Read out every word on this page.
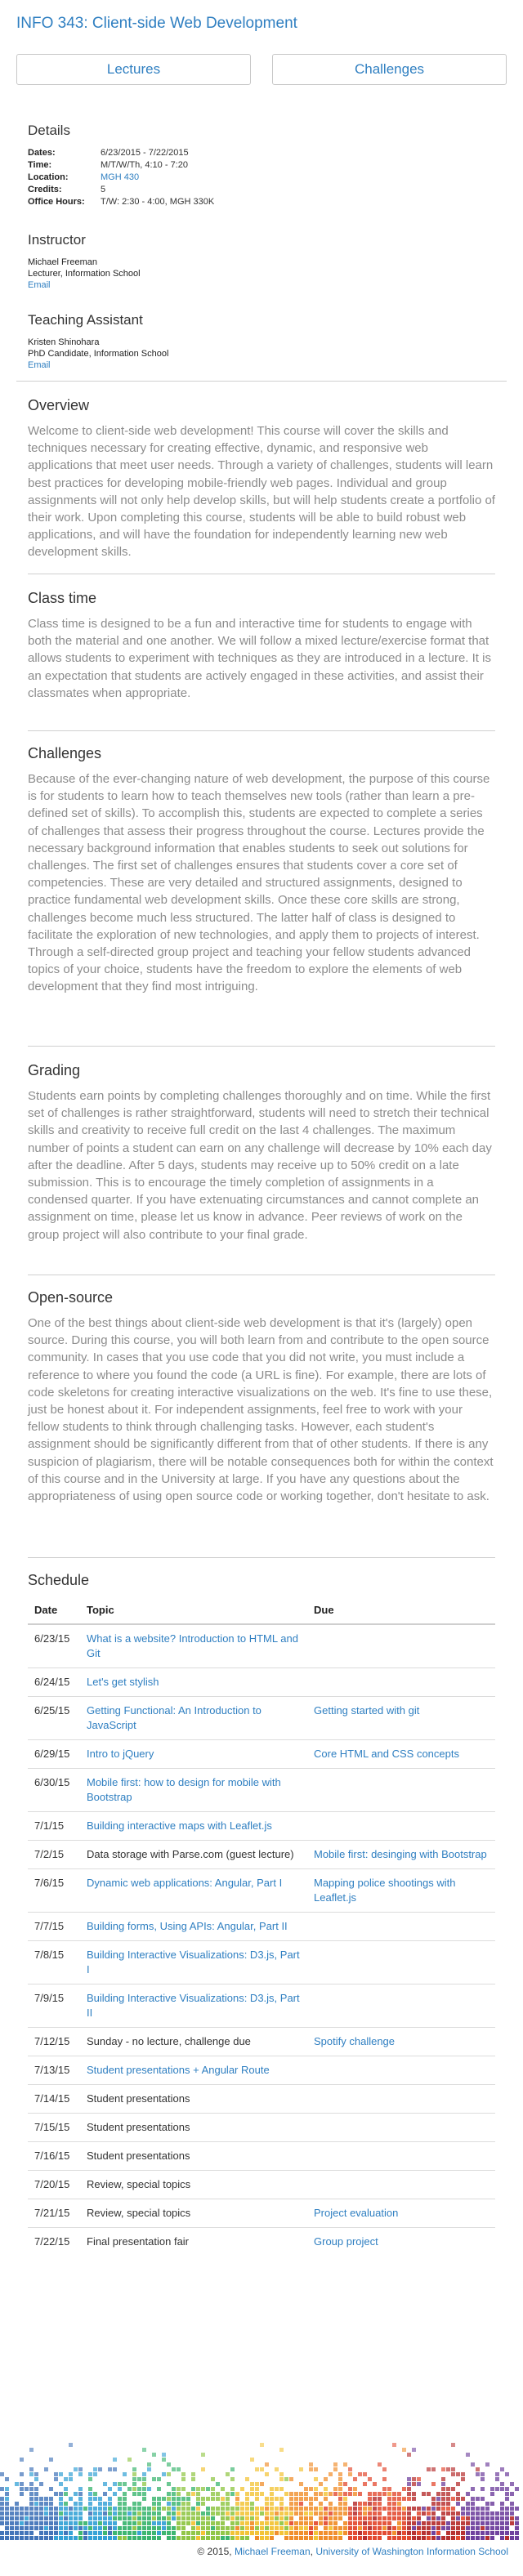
INFO 343: Client-side Web Development
Lectures	Challenges
Details
Dates:	6/23/2015 - 7/22/2015
Time:	M/T/W/Th, 4:10 - 7:20
Location:	MGH 430
Credits:	5
Office Hours:	T/W: 2:30 - 4:00, MGH 330K
Instructor
Michael Freeman
Lecturer, Information School
Email
Teaching Assistant
Kristen Shinohara
PhD Candidate, Information School
Email
Overview

Welcome to client-side web development! This course will cover the skills and techniques necessary for creating effective, dynamic, and responsive web applications that meet user needs. Through a variety of challenges, students will learn best practices for developing mobile-friendly web pages. Individual and group assignments will not only help develop skills, but will help students create a portfolio of their work. Upon completing this course, students will be able to build robust web applications, and will have the foundation for independently learning new web development skills.

Class time

Class time is designed to be a fun and interactive time for students to engage with both the material and one another. We will follow a mixed lecture/exercise format that allows students to experiment with techniques as they are introduced in a lecture. It is an expectation that students are actively engaged in these activities, and assist their classmates when appropriate.

Challenges

Because of the ever-changing nature of web development, the purpose of this course is for students to learn how to teach themselves new tools (rather than learn a pre-defined set of skills). To accomplish this, students are expected to complete a series of challenges that assess their progress throughout the course. Lectures provide the necessary background information that enables students to seek out solutions for challenges. The first set of challenges ensures that students cover a core set of competencies. These are very detailed and structured assignments, designed to practice fundamental web development skills. Once these core skills are strong, challenges become much less structured. The latter half of class is designed to facilitate the exploration of new technologies, and apply them to projects of interest. Through a self-directed group project and teaching your fellow students advanced topics of your choice, students have the freedom to explore the elements of web development that they find most intriguing.

Grading

Students earn points by completing challenges thoroughly and on time. While the first set of challenges is rather straightforward, students will need to stretch their technical skills and creativity to receive full credit on the last 4 challenges. The maximum number of points a student can earn on any challenge will decrease by 10% each day after the deadline. After 5 days, students may receive up to 50% credit on a late submission. This is to encourage the timely completion of assignments in a condensed quarter. If you have extenuating circumstances and cannot complete an assignment on time, please let us know in advance. Peer reviews of work on the group project will also contribute to your final grade.

Open-source

One of the best things about client-side web development is that it's (largely) open source. During this course, you will both learn from and contribute to the open source community. In cases that you use code that you did not write, you must include a reference to where you found the code (a URL is fine). For example, there are lots of code skeletons for creating interactive visualizations on the web. It's fine to use these, just be honest about it. For independent assignments, feel free to work with your fellow students to think through challenging tasks. However, each student's assignment should be significantly different from that of other students. If there is any suspicion of plagiarism, there will be notable consequences both for within the context of this course and in the University at large. If you have any questions about the appropriateness of using open source code or working together, don't hesitate to ask.

Schedule
Date	Topic	Due
6/23/15	What is a website? Introduction to HTML and Git	
6/24/15	Let's get stylish	
6/25/15	Getting Functional: An Introduction to JavaScript	Getting started with git
6/29/15	Intro to jQuery	Core HTML and CSS concepts
6/30/15	Mobile first: how to design for mobile with Bootstrap	
7/1/15	Building interactive maps with Leaflet.js	
7/2/15	Data storage with Parse.com (guest lecture)	Mobile first: desinging with Bootstrap
7/6/15	Dynamic web applications: Angular, Part I	Mapping police shootings with Leaflet.js
7/7/15	Building forms, Using APIs: Angular, Part II	
7/8/15	Building Interactive Visualizations: D3.js, Part I	
7/9/15	Building Interactive Visualizations: D3.js, Part II	
7/12/15	Sunday - no lecture, challenge due	Spotify challenge
7/13/15	Student presentations + Angular Route	
7/14/15	Student presentations	
7/15/15	Student presentations	
7/16/15	Student presentations	
7/20/15	Review, special topics	
7/21/15	Review, special topics	Project evaluation
7/22/15	Final presentation fair	Group project
© 2015, Michael Freeman, University of Washington Information School
